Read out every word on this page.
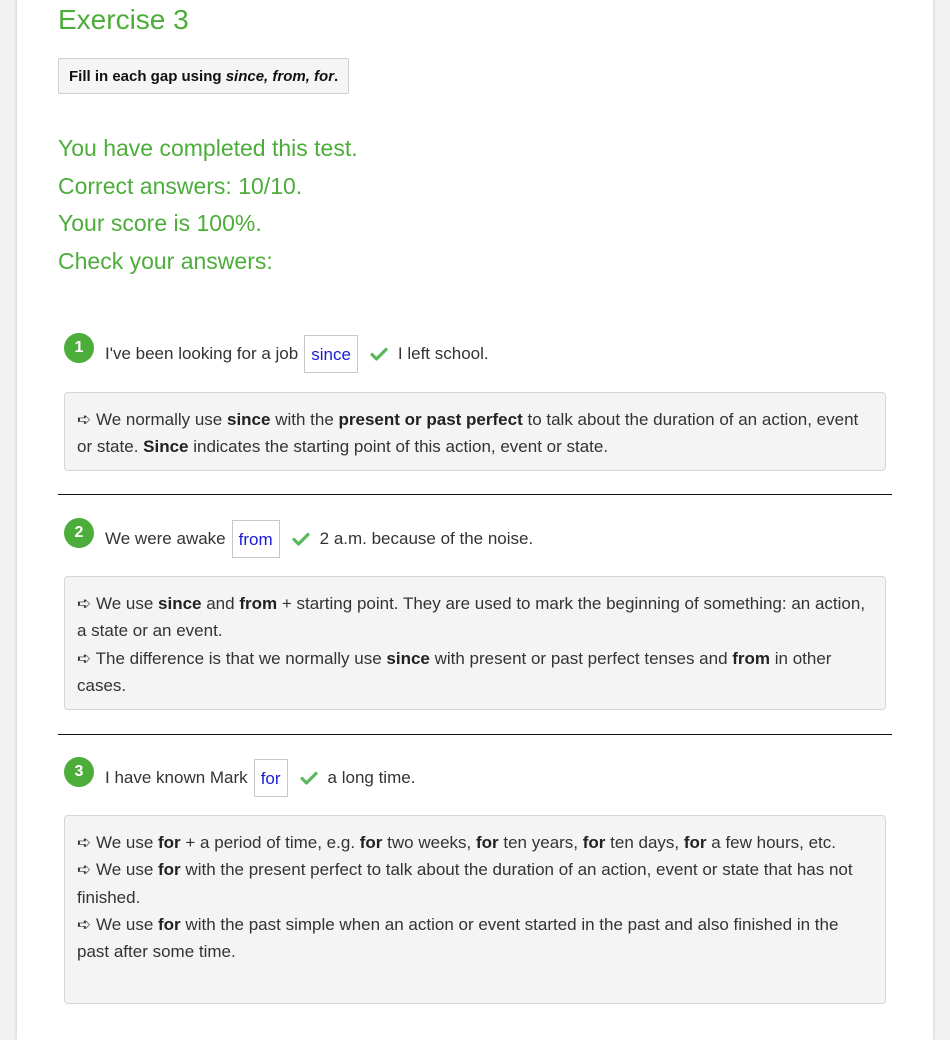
Exercise 3
Fill in each gap using since, from, for.
You have completed this test.
Correct answers: 10/10.
Your score is 100%.
Check your answers:
1	I've been looking for a job since	I left school.
➪ We normally use since with the present or past perfect to talk about the duration of an action, event or state. Since indicates the starting point of this action, event or state.
2	We were awake from	2 a.m. because of the noise.
➪ We use since and from + starting point. They are used to mark the beginning of something: an action, a state or an event.
➪ The difference is that we normally use since with present or past perfect tenses and from in other cases.
3	I have known Mark for	a long time.
➪ We use for + a period of time, e.g. for two weeks, for ten years, for ten days, for a few hours, etc.
➪ We use for with the present perfect to talk about the duration of an action, event or state that has not finished.
➪ We use for with the past simple when an action or event started in the past and also finished in the past after some time.
